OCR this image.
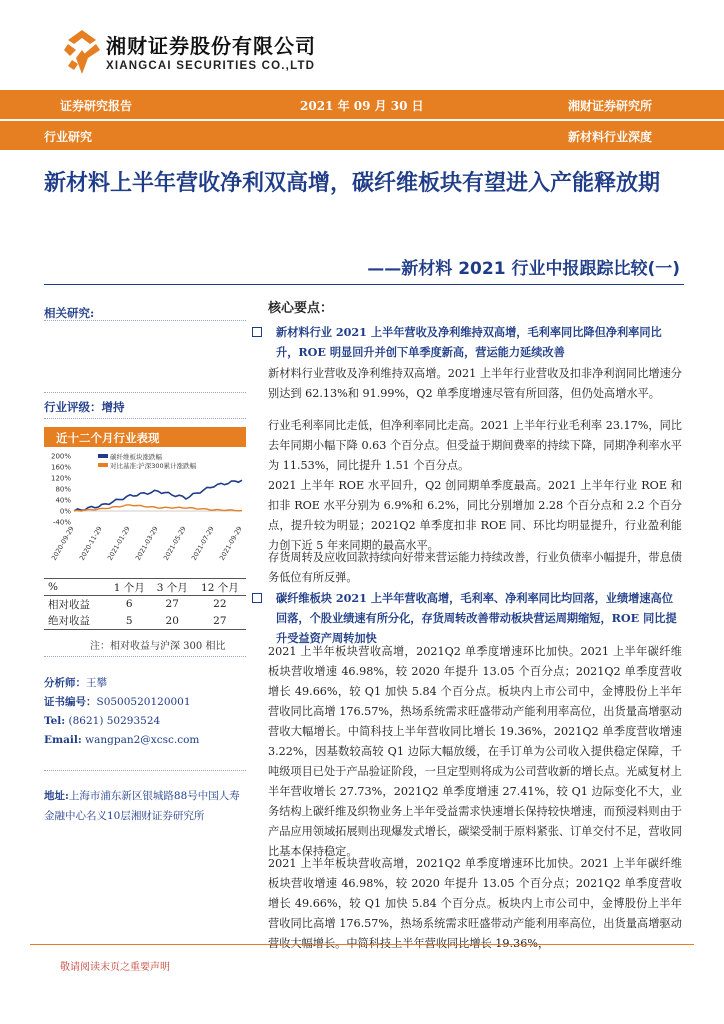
湘财证券股份有限公司
XIANGCAI SECURITIES CO.,LTD
证券研究报告	2021 年 09 月 30 日	湘财证券研究所
行业研究	新材料行业深度
新材料上半年营收净利双高增，碳纤维板块有望进入产能释放期
——新材料 2021 行业中报跟踪比较(一)
相关研究:
行业评级：增持
近十二个月行业表现
200%
160%
120%
80%
40%
0%
-40%
2020-09-29 2020-11-29 2021-01-29 2021-03-29 2021-05-29 2021-07-29 2021-09-29
碳纤维板块涨跌幅
对比基准:沪深300累计涨跌幅
%	1 个月	3 个月	12 个月
相对收益	6	27	22
绝对收益	5	20	27
注：相对收益与沪深 300 相比
分析师：王攀
证书编号：S0500520120001
Tel: (8621) 50293524
Email: wangpan2@xcsc.com
地址:上海市浦东新区银城路88号中国人寿金融中心名义10层湘财证券研究所
核心要点：
新材料行业 2021 上半年营收及净利维持双高增，毛利率同比降但净利率同比升，ROE 明显回升并创下单季度新高，营运能力延续改善
新材料行业营收及净利维持双高增。2021 上半年行业营收及扣非净利润同比增速分别达到 62.13%和 91.99%，Q2 单季度增速尽管有所回落，但仍处高增水平。
行业毛利率同比走低，但净利率同比走高。2021 上半年行业毛利率 23.17%，同比去年同期小幅下降 0.63 个百分点。但受益于期间费率的持续下降，同期净利率水平为 11.53%，同比提升 1.51 个百分点。
2021 上半年 ROE 水平回升，Q2 创同期单季度最高。2021 上半年行业 ROE 和扣非 ROE 水平分别为 6.9%和 6.2%，同比分别增加 2.28 个百分点和 2.2 个百分点，提升较为明显；2021Q2 单季度扣非 ROE 同、环比均明显提升，行业盈利能力创下近 5 年来同期的最高水平。
存货周转及应收回款持续向好带来营运能力持续改善，行业负债率小幅提升，带息债务低位有所反弹。
碳纤维板块 2021 上半年营收高增，毛利率、净利率同比均回落，业绩增速高位回落，个股业绩速有所分化，存货周转改善带动板块营运周期缩短，ROE 同比提升受益资产周转加快
2021 上半年板块营收高增，2021Q2 单季度增速环比加快。2021 上半年碳纤维板块营收增速 46.98%，较 2020 年提升 13.05 个百分点；2021Q2 单季度营收增长 49.66%，较 Q1 加快 5.84 个百分点。板块内上市公司中，金博股份上半年营收同比高增 176.57%，热场系统需求旺盛带动产能利用率高位，出货量高增驱动营收大幅增长。中简科技上半年营收同比增长 19.36%，2021Q2 单季度营收增速 3.22%，因基数较高较 Q1 边际大幅放缓，在手订单为公司收入提供稳定保障，千吨级项目已处于产品验证阶段，一旦定型则将成为公司营收新的增长点。光威复材上半年营收增长 27.73%，2021Q2 单季度增速 27.41%，较 Q1 边际变化不大，业务结构上碳纤维及织物业务上半年受益需求快速增长保持较快增速，而预浸料则由于产品应用领域拓展则出现爆发式增长，碳梁受制于原料紧张、订单交付不足，营收同比基本保持稳定。
2021 上半年板块营收高增，2021Q2 单季度增速环比加快。2021 上半年碳纤维板块营收增速 46.98%，较 2020 年提升 13.05 个百分点；2021Q2 单季度营收增长 49.66%，较 Q1 加快 5.84 个百分点。板块内上市公司中，金博股份上半年营收同比高增 176.57%，热场系统需求旺盛带动产能利用率高位，出货量高增驱动营收大幅增长。中简科技上半年营收同比增长 19.36%，
敬请阅读末页之重要声明
